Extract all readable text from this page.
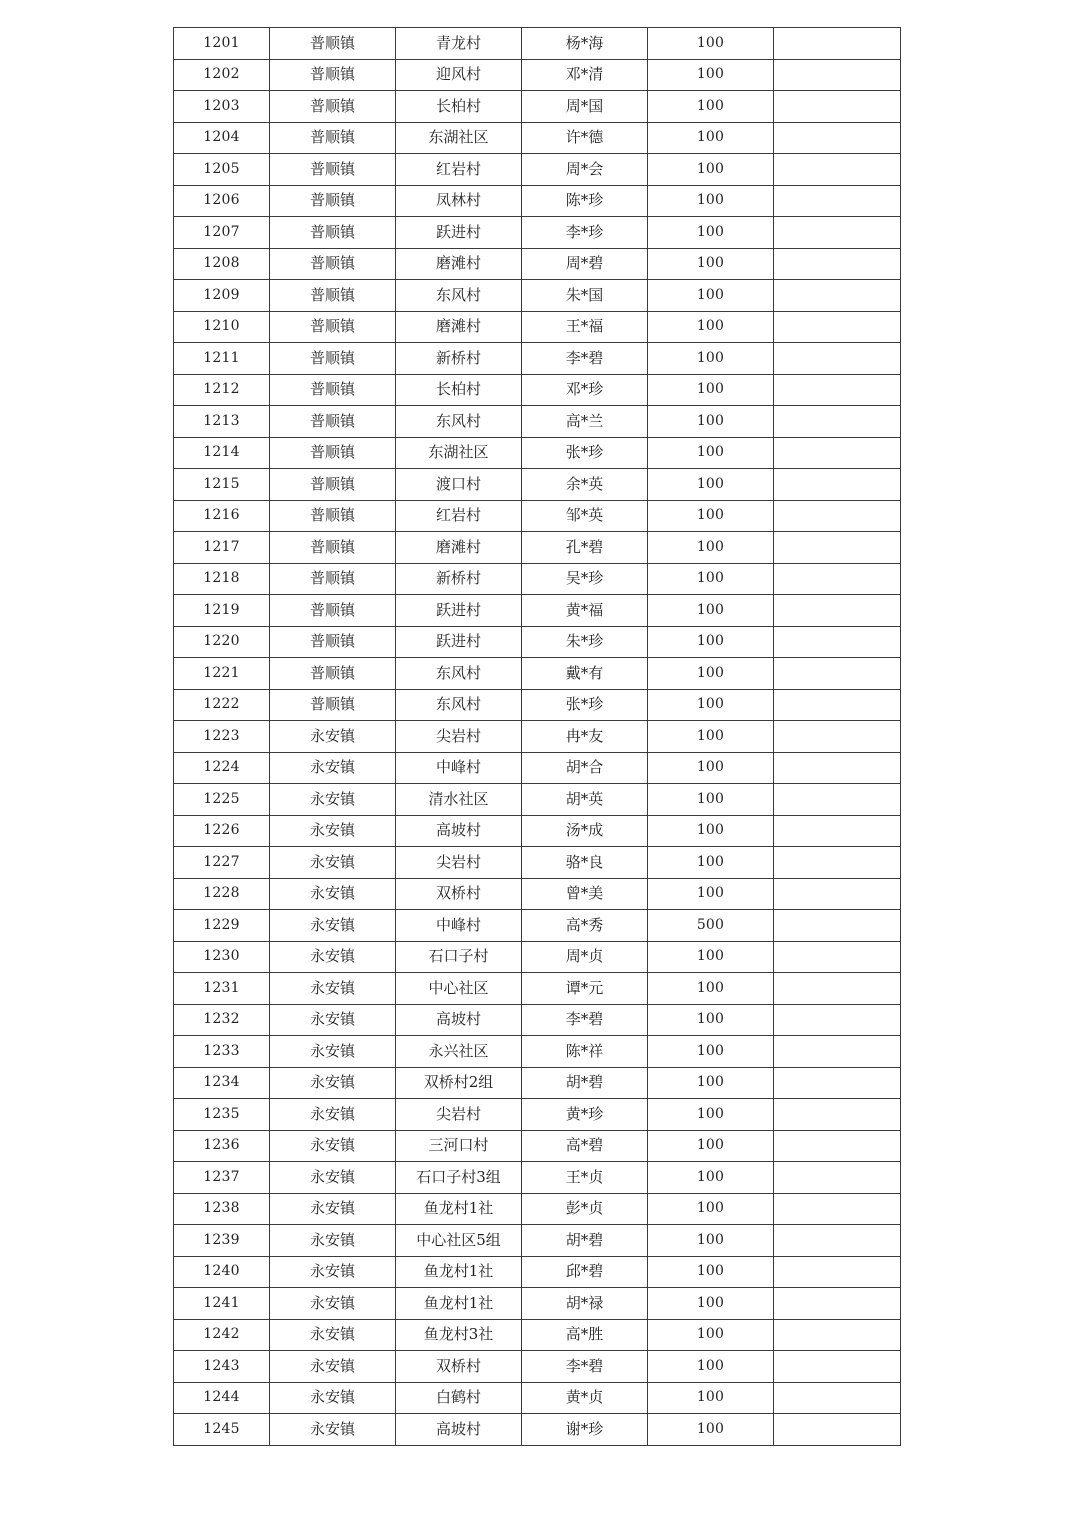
1201	普顺镇	青龙村	杨*海	100	
1202	普顺镇	迎风村	邓*清	100	
1203	普顺镇	长柏村	周*国	100	
1204	普顺镇	东湖社区	许*德	100	
1205	普顺镇	红岩村	周*会	100	
1206	普顺镇	凤林村	陈*珍	100	
1207	普顺镇	跃进村	李*珍	100	
1208	普顺镇	磨滩村	周*碧	100	
1209	普顺镇	东风村	朱*国	100	
1210	普顺镇	磨滩村	王*福	100	
1211	普顺镇	新桥村	李*碧	100	
1212	普顺镇	长柏村	邓*珍	100	
1213	普顺镇	东风村	高*兰	100	
1214	普顺镇	东湖社区	张*珍	100	
1215	普顺镇	渡口村	余*英	100	
1216	普顺镇	红岩村	邹*英	100	
1217	普顺镇	磨滩村	孔*碧	100	
1218	普顺镇	新桥村	吴*珍	100	
1219	普顺镇	跃进村	黄*福	100	
1220	普顺镇	跃进村	朱*珍	100	
1221	普顺镇	东风村	戴*有	100	
1222	普顺镇	东风村	张*珍	100	
1223	永安镇	尖岩村	冉*友	100	
1224	永安镇	中峰村	胡*合	100	
1225	永安镇	清水社区	胡*英	100	
1226	永安镇	高坡村	汤*成	100	
1227	永安镇	尖岩村	骆*良	100	
1228	永安镇	双桥村	曾*美	100	
1229	永安镇	中峰村	高*秀	500	
1230	永安镇	石口子村	周*贞	100	
1231	永安镇	中心社区	谭*元	100	
1232	永安镇	高坡村	李*碧	100	
1233	永安镇	永兴社区	陈*祥	100	
1234	永安镇	双桥村2组	胡*碧	100	
1235	永安镇	尖岩村	黄*珍	100	
1236	永安镇	三河口村	高*碧	100	
1237	永安镇	石口子村3组	王*贞	100	
1238	永安镇	鱼龙村1社	彭*贞	100	
1239	永安镇	中心社区5组	胡*碧	100	
1240	永安镇	鱼龙村1社	邱*碧	100	
1241	永安镇	鱼龙村1社	胡*禄	100	
1242	永安镇	鱼龙村3社	高*胜	100	
1243	永安镇	双桥村	李*碧	100	
1244	永安镇	白鹤村	黄*贞	100	
1245	永安镇	高坡村	谢*珍	100	
